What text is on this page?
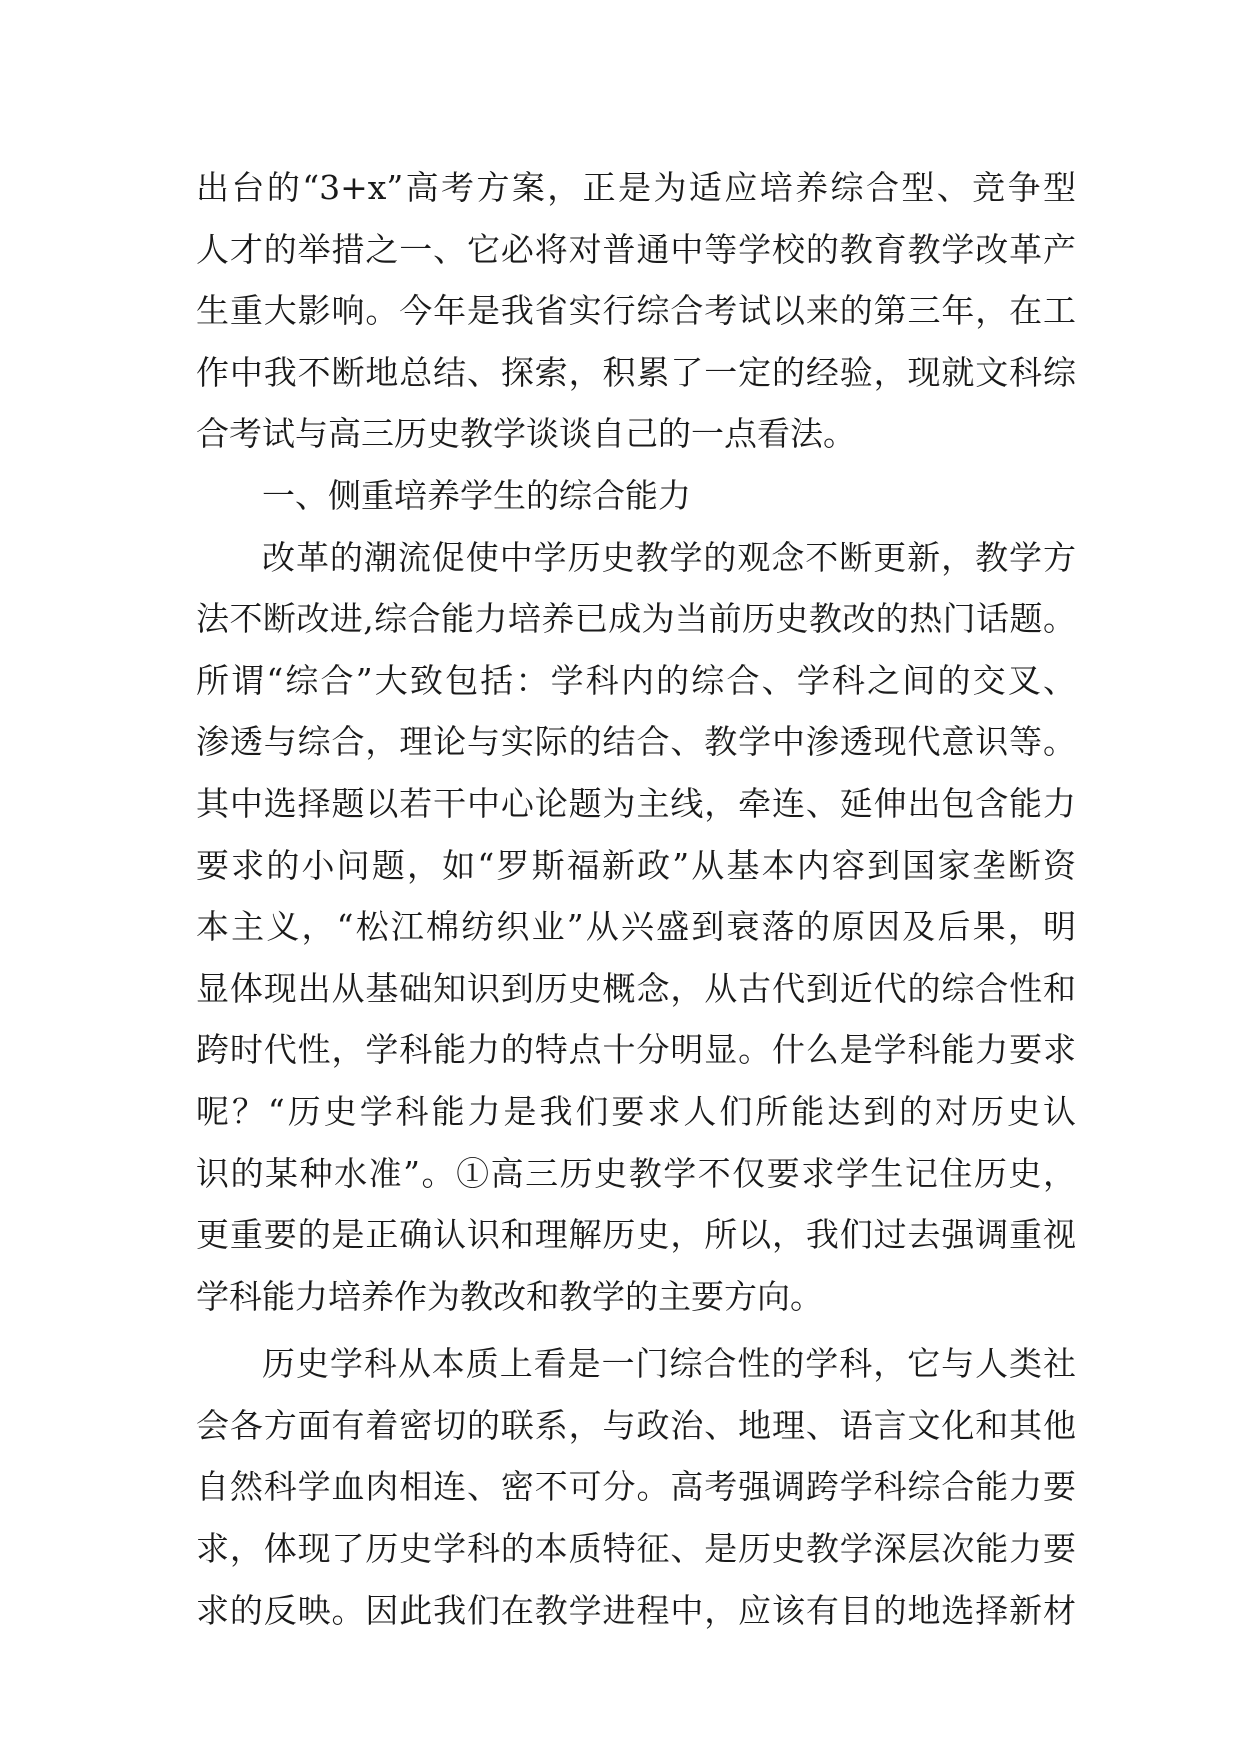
出台的“3+x”高考方案，正是为适应培养综合型、竞争型
人才的举措之一、它必将对普通中等学校的教育教学改革产
生重大影响。今年是我省实行综合考试以来的第三年，在工
作中我不断地总结、探索，积累了一定的经验，现就文科综
合考试与高三历史教学谈谈自己的一点看法。
一、侧重培养学生的综合能力
改革的潮流促使中学历史教学的观念不断更新，教学方
法不断改进,综合能力培养已成为当前历史教改的热门话题。
所谓“综合”大致包括：学科内的综合、学科之间的交叉、
渗透与综合，理论与实际的结合、教学中渗透现代意识等。
其中选择题以若干中心论题为主线，牵连、延伸出包含能力
要求的小问题，如“罗斯福新政”从基本内容到国家垄断资
本主义，“松江棉纺织业”从兴盛到衰落的原因及后果，明
显体现出从基础知识到历史概念，从古代到近代的综合性和
跨时代性，学科能力的特点十分明显。什么是学科能力要求
呢？“历史学科能力是我们要求人们所能达到的对历史认
识的某种水准”。①高三历史教学不仅要求学生记住历史，
更重要的是正确认识和理解历史，所以，我们过去强调重视
学科能力培养作为教改和教学的主要方向。
历史学科从本质上看是一门综合性的学科，它与人类社
会各方面有着密切的联系，与政治、地理、语言文化和其他
自然科学血肉相连、密不可分。高考强调跨学科综合能力要
求，体现了历史学科的本质特征、是历史教学深层次能力要
求的反映。因此我们在教学进程中，应该有目的地选择新材
